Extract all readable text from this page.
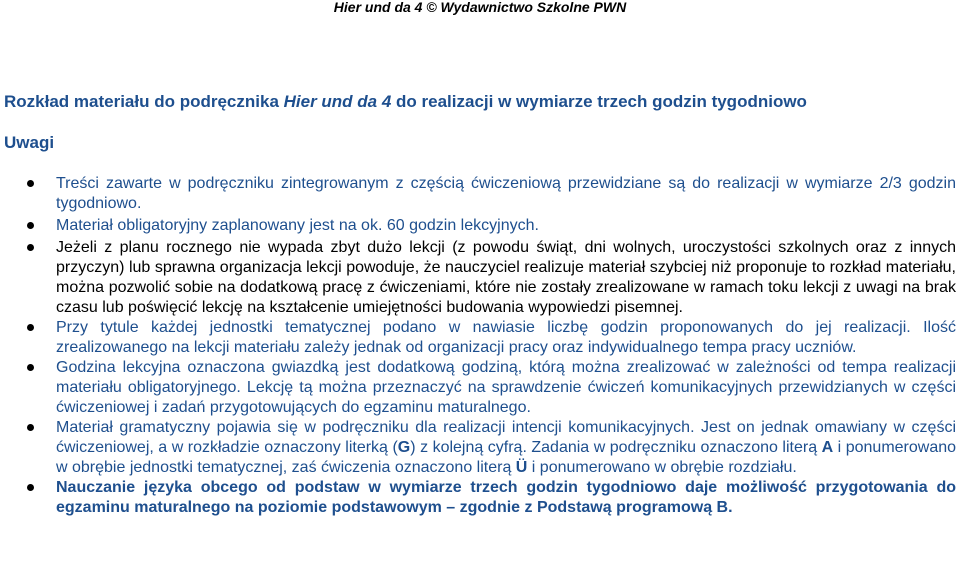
Hier und da 4 © Wydawnictwo Szkolne PWN
Rozkład materiału do podręcznika Hier und da 4 do realizacji w wymiarze trzech godzin tygodniowo
Uwagi
Treści zawarte w podręczniku zintegrowanym z częścią ćwiczeniową przewidziane są do realizacji w wymiarze 2/3 godzin tygodniowo.
Materiał obligatoryjny zaplanowany jest na ok. 60 godzin lekcyjnych.
Jeżeli z planu rocznego nie wypada zbyt dużo lekcji (z powodu świąt, dni wolnych, uroczystości szkolnych oraz z innych przyczyn) lub sprawna organizacja lekcji powoduje, że nauczyciel realizuje materiał szybciej niż proponuje to rozkład materiału, można pozwolić sobie na dodatkową pracę z ćwiczeniami, które nie zostały zrealizowane w ramach toku lekcji z uwagi na brak czasu lub poświęcić lekcję na kształcenie umiejętności budowania wypowiedzi pisemnej.
Przy tytule każdej jednostki tematycznej podano w nawiasie liczbę godzin proponowanych do jej realizacji. Ilość zrealizowanego na lekcji materiału zależy jednak od organizacji pracy oraz indywidualnego tempa pracy uczniów.
Godzina lekcyjna oznaczona gwiazdką jest dodatkową godziną, którą można zrealizować w zależności od tempa realizacji materiału obligatoryjnego. Lekcję tą można przeznaczyć na sprawdzenie ćwiczeń komunikacyjnych przewidzianych w części ćwiczeniowej i zadań przygotowujących do egzaminu maturalnego.
Materiał gramatyczny pojawia się w podręczniku dla realizacji intencji komunikacyjnych. Jest on jednak omawiany w części ćwiczeniowej, a w rozkładzie oznaczony literką (G) z kolejną cyfrą. Zadania w podręczniku oznaczono literą A i ponumerowano w obrębie jednostki tematycznej, zaś ćwiczenia oznaczono literą Ü i ponumerowano w obrębie rozdziału.
Nauczanie języka obcego od podstaw w wymiarze trzech godzin tygodniowo daje możliwość przygotowania do egzaminu maturalnego na poziomie podstawowym – zgodnie z Podstawą programową B.
